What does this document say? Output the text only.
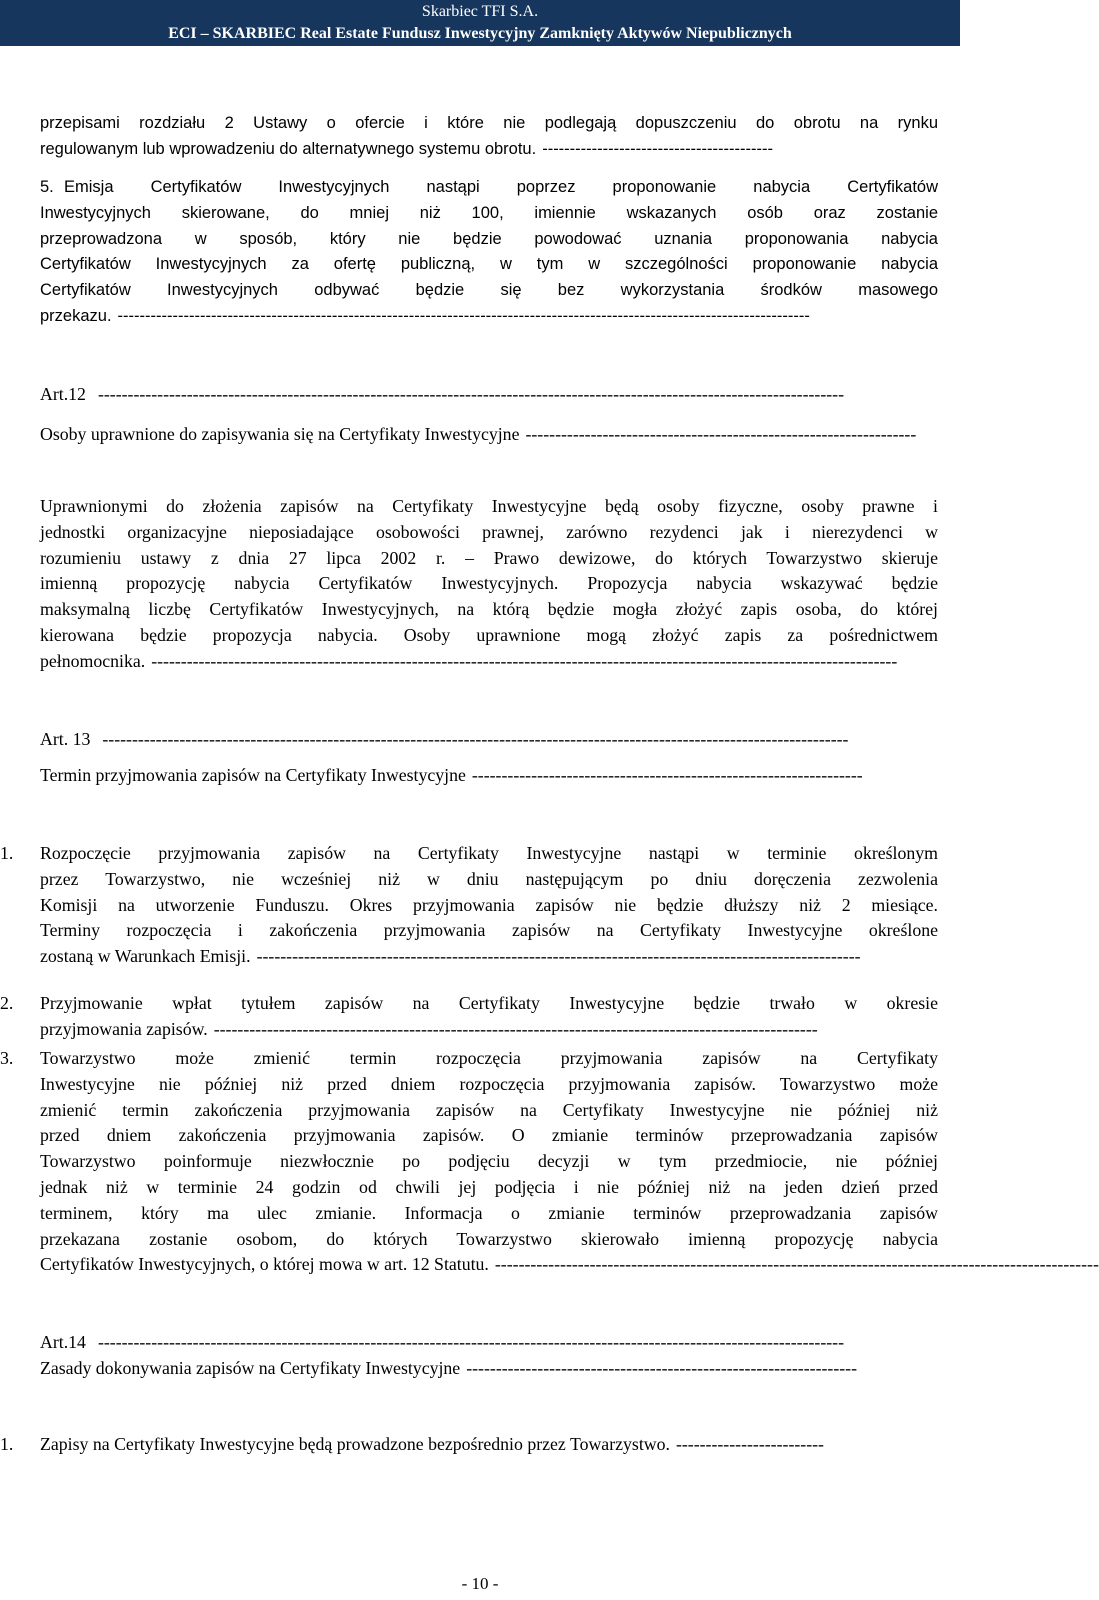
Skarbiec TFI S.A.
ECI – SKARBIEC Real Estate Fundusz Inwestycyjny Zamknięty Aktywów Niepublicznych
przepisami rozdziału 2 Ustawy o ofercie i które nie podlegają dopuszczeniu do obrotu na rynku
regulowanym lub wprowadzeniu do alternatywnego systemu obrotu. ------------------------------------------
5. Emisja Certyfikatów Inwestycyjnych nastąpi poprzez proponowanie nabycia Certyfikatów
Inwestycyjnych skierowane, do mniej niż 100, imiennie wskazanych osób oraz zostanie
przeprowadzona w sposób, który nie będzie powodować uznania proponowania nabycia
Certyfikatów Inwestycyjnych za ofertę publiczną, w tym w szczególności proponowanie nabycia
Certyfikatów Inwestycyjnych odbywać będzie się bez wykorzystania środków masowego
przekazu. ------------------------------------------------------------------------------------------------------------------------------
Art.12 ------------------------------------------------------------------------------------------------------------------------------
Osoby uprawnione do zapisywania się na Certyfikaty Inwestycyjne ------------------------------------------------------------------
Uprawnionymi do złożenia zapisów na Certyfikaty Inwestycyjne będą osoby fizyczne, osoby prawne i
jednostki organizacyjne nieposiadające osobowości prawnej, zarówno rezydenci jak i nierezydenci w
rozumieniu ustawy z dnia 27 lipca 2002 r. – Prawo dewizowe, do których Towarzystwo skieruje
imienną propozycję nabycia Certyfikatów Inwestycyjnych. Propozycja nabycia wskazywać będzie
maksymalną liczbę Certyfikatów Inwestycyjnych, na którą będzie mogła złożyć zapis osoba, do której
kierowana będzie propozycja nabycia. Osoby uprawnione mogą złożyć zapis za pośrednictwem
pełnomocnika. ------------------------------------------------------------------------------------------------------------------------------
Art. 13 ------------------------------------------------------------------------------------------------------------------------------
Termin przyjmowania zapisów na Certyfikaty Inwestycyjne ------------------------------------------------------------------
1. Rozpoczęcie przyjmowania zapisów na Certyfikaty Inwestycyjne nastąpi w terminie określonym
przez Towarzystwo, nie wcześniej niż w dniu następującym po dniu doręczenia zezwolenia
Komisji na utworzenie Funduszu. Okres przyjmowania zapisów nie będzie dłuższy niż 2 miesiące.
Terminy rozpoczęcia i zakończenia przyjmowania zapisów na Certyfikaty Inwestycyjne określone
zostaną w Warunkach Emisji. ------------------------------------------------------------------------------------------------------
2. Przyjmowanie wpłat tytułem zapisów na Certyfikaty Inwestycyjne będzie trwało w okresie
przyjmowania zapisów. ------------------------------------------------------------------------------------------------------
3. Towarzystwo może zmienić termin rozpoczęcia przyjmowania zapisów na Certyfikaty
Inwestycyjne nie później niż przed dniem rozpoczęcia przyjmowania zapisów. Towarzystwo może
zmienić termin zakończenia przyjmowania zapisów na Certyfikaty Inwestycyjne nie później niż
przed dniem zakończenia przyjmowania zapisów. O zmianie terminów przeprowadzania zapisów
Towarzystwo poinformuje niezwłocznie po podjęciu decyzji w tym przedmiocie, nie później
jednak niż w terminie 24 godzin od chwili jej podjęcia i nie później niż na jeden dzień przed
terminem, który ma ulec zmianie. Informacja o zmianie terminów przeprowadzania zapisów
przekazana zostanie osobom, do których Towarzystwo skierowało imienną propozycję nabycia
Certyfikatów Inwestycyjnych, o której mowa w art. 12 Statutu. ------------------------------------------------------------------------------------------------------
Art.14 ------------------------------------------------------------------------------------------------------------------------------
Zasady dokonywania zapisów na Certyfikaty Inwestycyjne ------------------------------------------------------------------
1. Zapisy na Certyfikaty Inwestycyjne będą prowadzone bezpośrednio przez Towarzystwo. -------------------------
- 10 -
